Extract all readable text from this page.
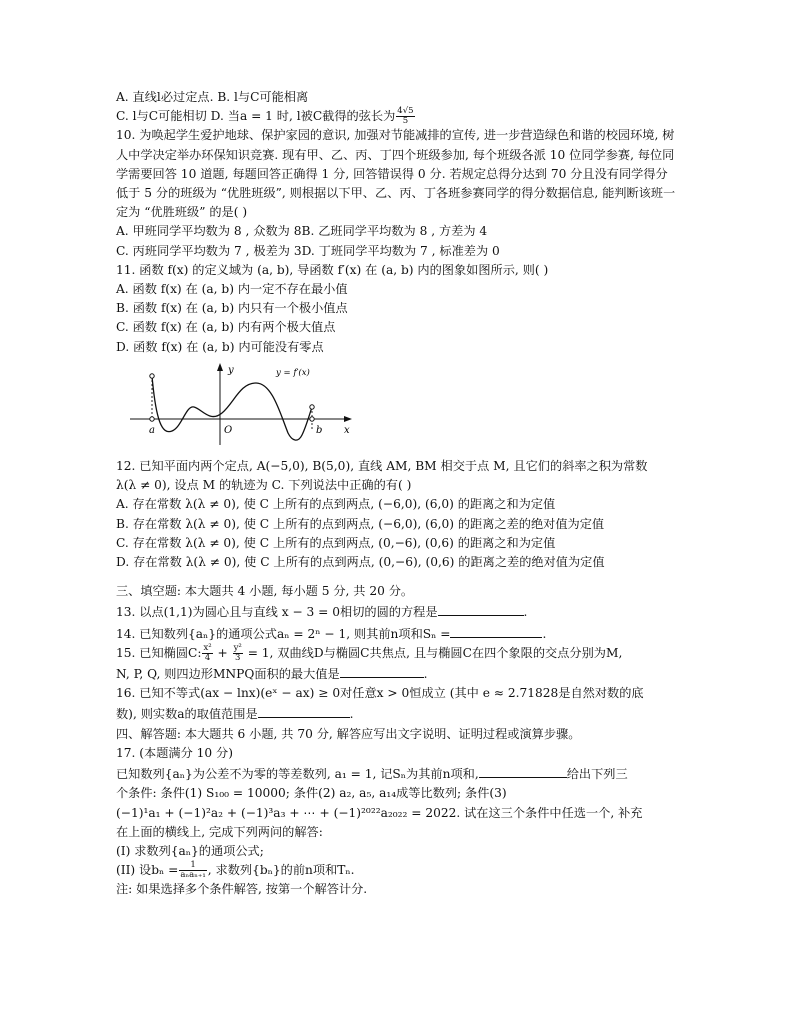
A. 直线l必过定点. B. l与C可能相离
C. l与C可能相切 D. 当a = 1 时, l被C截得的弦长为 $\frac{4√5}{5}$
10. 为唤起学生爱护地球、保护家园的意识, 加强对节能减排的宣传, 进一步营造绿色和谐的校园环境, 树人中学决定举办环保知识竞赛. 现有甲、乙、丙、丁四个班级参加, 每个班级各派 10 位同学参赛, 每位同学需要回答 10 道题, 每题回答正确得 1 分, 回答错误得 0 分. 若规定总得分达到 70 分且没有同学得分低于 5 分的班级为 “优胜班级”, 则根据以下甲、乙、丙、丁各班参赛同学的得分数据信息, 能判断该班一定为 “优胜班级” 的是( )
A. 甲班同学平均数为 8 , 众数为 8B. 乙班同学平均数为 8 , 方差为 4
C. 丙班同学平均数为 7 , 极差为 3D. 丁班同学平均数为 7 , 标准差为 0
11. 函数 f(x) 的定义域为 (a, b), 导函数 f′(x) 在 (a, b) 内的图象如图所示, 则( )
A. 函数 f(x) 在 (a, b) 内一定不存在最小值
B. 函数 f(x) 在 (a, b) 内只有一个极小值点
C. 函数 f(x) 在 (a, b) 内有两个极大值点
D. 函数 f(x) 在 (a, b) 内可能没有零点
y	y = f′(x)
a	O	b x
12. 已知平面内两个定点, A(−5,0), B(5,0), 直线 AM, BM 相交于点 M, 且它们的斜率之积为常数
λ(λ ≠ 0), 设点 M 的轨迹为 C. 下列说法中正确的有( )
A. 存在常数 λ(λ ≠ 0), 使 C 上所有的点到两点, (−6,0), (6,0) 的距离之和为定值
B. 存在常数 λ(λ ≠ 0), 使 C 上所有的点到两点, (−6,0), (6,0) 的距离之差的绝对值为定值
C. 存在常数 λ(λ ≠ 0), 使 C 上所有的点到两点, (0,−6), (0,6) 的距离之和为定值
D. 存在常数 λ(λ ≠ 0), 使 C 上所有的点到两点, (0,−6), (0,6) 的距离之差的绝对值为定值
三、填空题: 本大题共 4 小题, 每小题 5 分, 共 20 分。
13. 以点(1,1)为圆心且与直线 x − 3 = 0相切的圆的方程是	.
14. 已知数列{aₙ}的通项公式aₙ = 2ⁿ − 1, 则其前n项和Sₙ =	.
15. 已知椭圆C: $\frac{\text{x²}}{4} + \frac{\text{y²}}{3} = 1$, 双曲线D与椭圆C共焦点, 且与椭圆C在四个象限的交点分别为M,
N, P, Q, 则四边形MNPQ面积的最大值是	.
16. 已知不等式(ax − lnx)(eˣ − ax) ≥ 0对任意x > 0恒成立 (其中 e ≈ 2.71828是自然对数的底
数), 则实数a的取值范围是	.
四、解答题: 本大题共 6 小题, 共 70 分, 解答应写出文字说明、证明过程或演算步骤。
17. (本题满分 10 分)
已知数列{aₙ}为公差不为零的等差数列, a₁ = 1, 记Sₙ为其前n项和,	给出下列三
个条件: 条件(1) S₁₀₀ = 10000; 条件(2) a₂, a₅, a₁₄成等比数列; 条件(3)
(−1)¹a₁ + (−1)²a₂ + (−1)³a₃ + ⋯ + (−1)²⁰²²a₂₀₂₂ = 2022. 试在这三个条件中任选一个, 补充
在上面的横线上, 完成下列两问的解答:
(I) 求数列{aₙ}的通项公式;
(II) 设$b_n = \frac{1}{\text{aₙaₙ₊₁}}$ , 求数列{bₙ}的前n项和Tₙ.
注: 如果选择多个条件解答, 按第一个解答计分.
